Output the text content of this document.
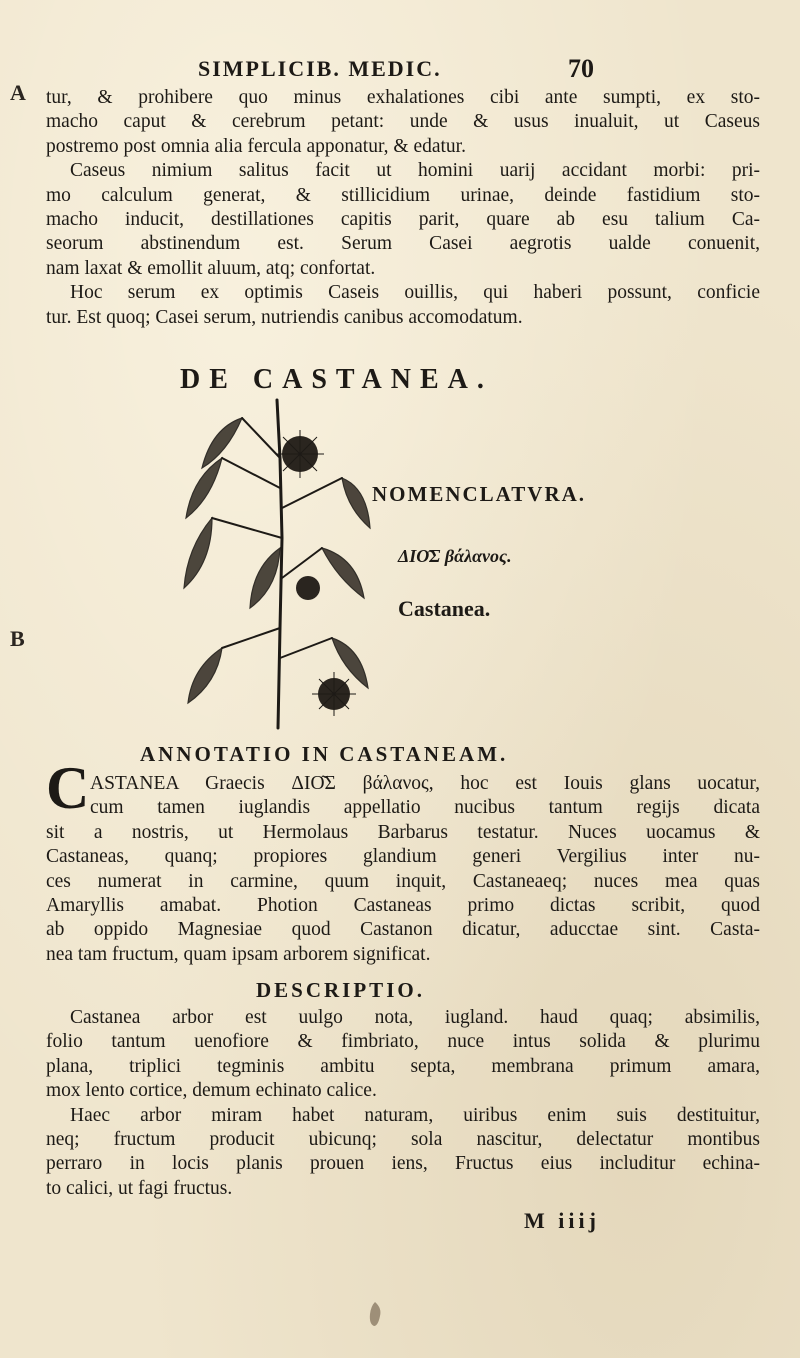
SIMPLICIB. MEDIC.	70
A
B
tur, & prohibere quo minus exhalationes cibi ante sumpti, ex sto-
macho caput & cerebrum petant: unde & usus inualuit, ut Caseus
postremo post omnia alia fercula apponatur, & edatur.
Caseus nimium salitus facit ut homini uarij accidant morbi: pri-
mo calculum generat, & stillicidium urinae, deinde fastidium sto-
macho inducit, destillationes capitis parit, quare ab esu talium Ca-
seorum abstinendum est. Serum Casei aegrotis ualde conuenit,
nam laxat & emollit aluum, atq; confortat.
Hoc serum ex optimis Caseis ouillis, qui haberi possunt, conficie
tur. Est quoq; Casei serum, nutriendis canibus accomodatum.
DE CASTANEA.
NOMENCLATVRA.
ΔΙΟ͂Σ βάλανος.
Castanea.
ANNOTATIO IN CASTANEAM.
C ASTANEA Graecis ΔΙΟ͂Σ βάλανος, hoc est Iouis glans uocatur,
cum tamen iuglandis appellatio nucibus tantum regijs dicata
sit a nostris, ut Hermolaus Barbarus testatur. Nuces uocamus &
Castaneas, quanq; propiores glandium generi Vergilius inter nu-
ces numerat in carmine, quum inquit, Castaneaeq; nuces mea quas
Amaryllis amabat. Photion Castaneas primo dictas scribit, quod
ab oppido Magnesiae quod Castanon dicatur, aducctae sint. Casta-
nea tam fructum, quam ipsam arborem significat.
DESCRIPTIO.
Castanea arbor est uulgo nota, iugland. haud quaq; absimilis,
folio tantum uenofiore & fimbriato, nuce intus solida & plurimu
plana, triplici tegminis ambitu septa, membrana primum amara,
mox lento cortice, demum echinato calice.
Haec arbor miram habet naturam, uiribus enim suis destituitur,
neq; fructum producit ubicunq; sola nascitur, delectatur montibus
perraro in locis planis prouen iens, Fructus eius includitur echina-
to calici, ut fagi fructus.
M iiij
